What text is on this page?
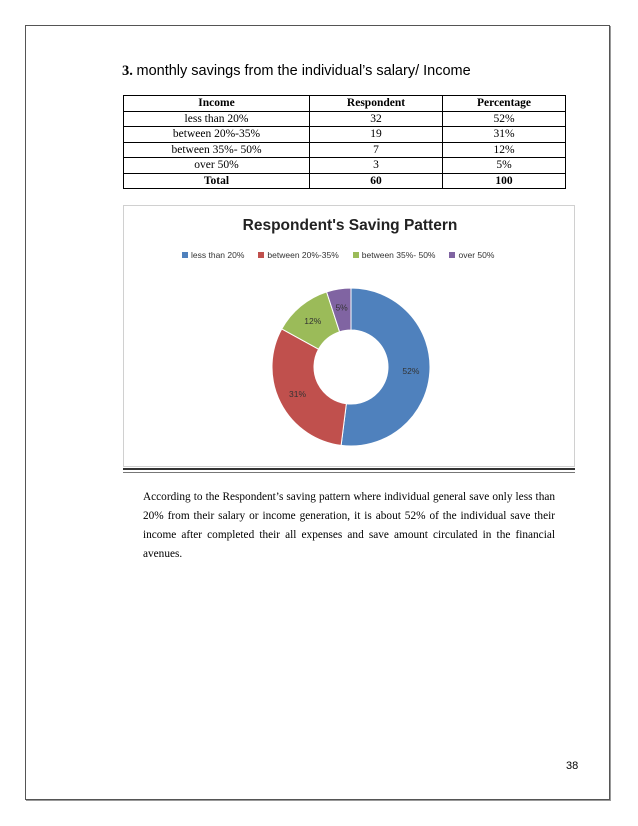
3. monthly savings from the individual’s salary/ Income
Income	Respondent	Percentage
less than 20%	32	52%
between 20%-35%	19	31%
between 35%- 50%	7	12%
over 50%	3	5%
Total	60	100
Respondent's Saving Pattern
less than 20%	between 20%-35%	between 35%- 50%	over 50%
52%
31%
12%
5%
According to the Respondent’s saving pattern where individual general save only less than 20% from their salary or income generation, it is about 52% of the individual save their income after completed their all expenses and save amount circulated in the financial avenues.
38
